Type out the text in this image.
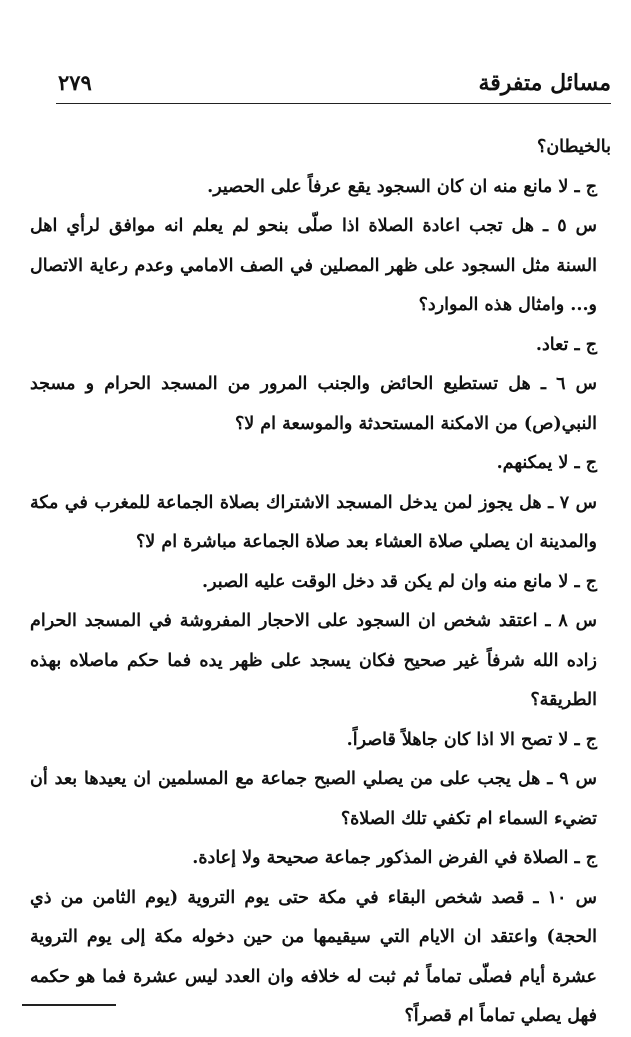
مسائل متفرقة
٢٧٩

بالخيطان؟

ج ـ لا مانع منه ان كان السجود يقع عرفاً على الحصير.

س ٥ ـ هل تجب اعادة الصلاة اذا صلّى بنحو لم يعلم انه موافق لرأي اهل السنة مثل السجود على ظهر المصلين في الصف الامامي وعدم رعاية الاتصال و... وامثال هذه الموارد؟

ج ـ تعاد.

س ٦ ـ هل تستطيع الحائض والجنب المرور من المسجد الحرام و مسجد النبي(ص) من الامكنة المستحدثة والموسعة ام لا؟

ج ـ لا يمكنهم.

س ٧ ـ هل يجوز لمن يدخل المسجد الاشتراك بصلاة الجماعة للمغرب في مكة والمدينة ان يصلي صلاة العشاء بعد صلاة الجماعة مباشرة ام لا؟

ج ـ لا مانع منه وان لم يكن قد دخل الوقت عليه الصبر.

س ٨ ـ اعتقد شخص ان السجود على الاحجار المفروشة في المسجد الحرام زاده الله شرفاً غير صحيح فكان يسجد على ظهر يده فما حكم ماصلاه بهذه الطريقة؟

ج ـ لا تصح الا اذا كان جاهلاً قاصراً.

س ٩ ـ هل يجب على من يصلي الصبح جماعة مع المسلمين ان يعيدها بعد أن تضيء السماء ام تكفي تلك الصلاة؟

ج ـ الصلاة في الفرض المذكور جماعة صحيحة ولا إعادة.

س ١٠ ـ قصد شخص البقاء في مكة حتى يوم التروية (يوم الثامن من ذي الحجة) واعتقد ان الايام التي سيقيمها من حين دخوله مكة إلى يوم التروية عشرة أيام فصلّى تماماً ثم ثبت له خلافه وان العدد ليس عشرة فما هو حكمه فهل يصلي تماماً ام قصراً؟
